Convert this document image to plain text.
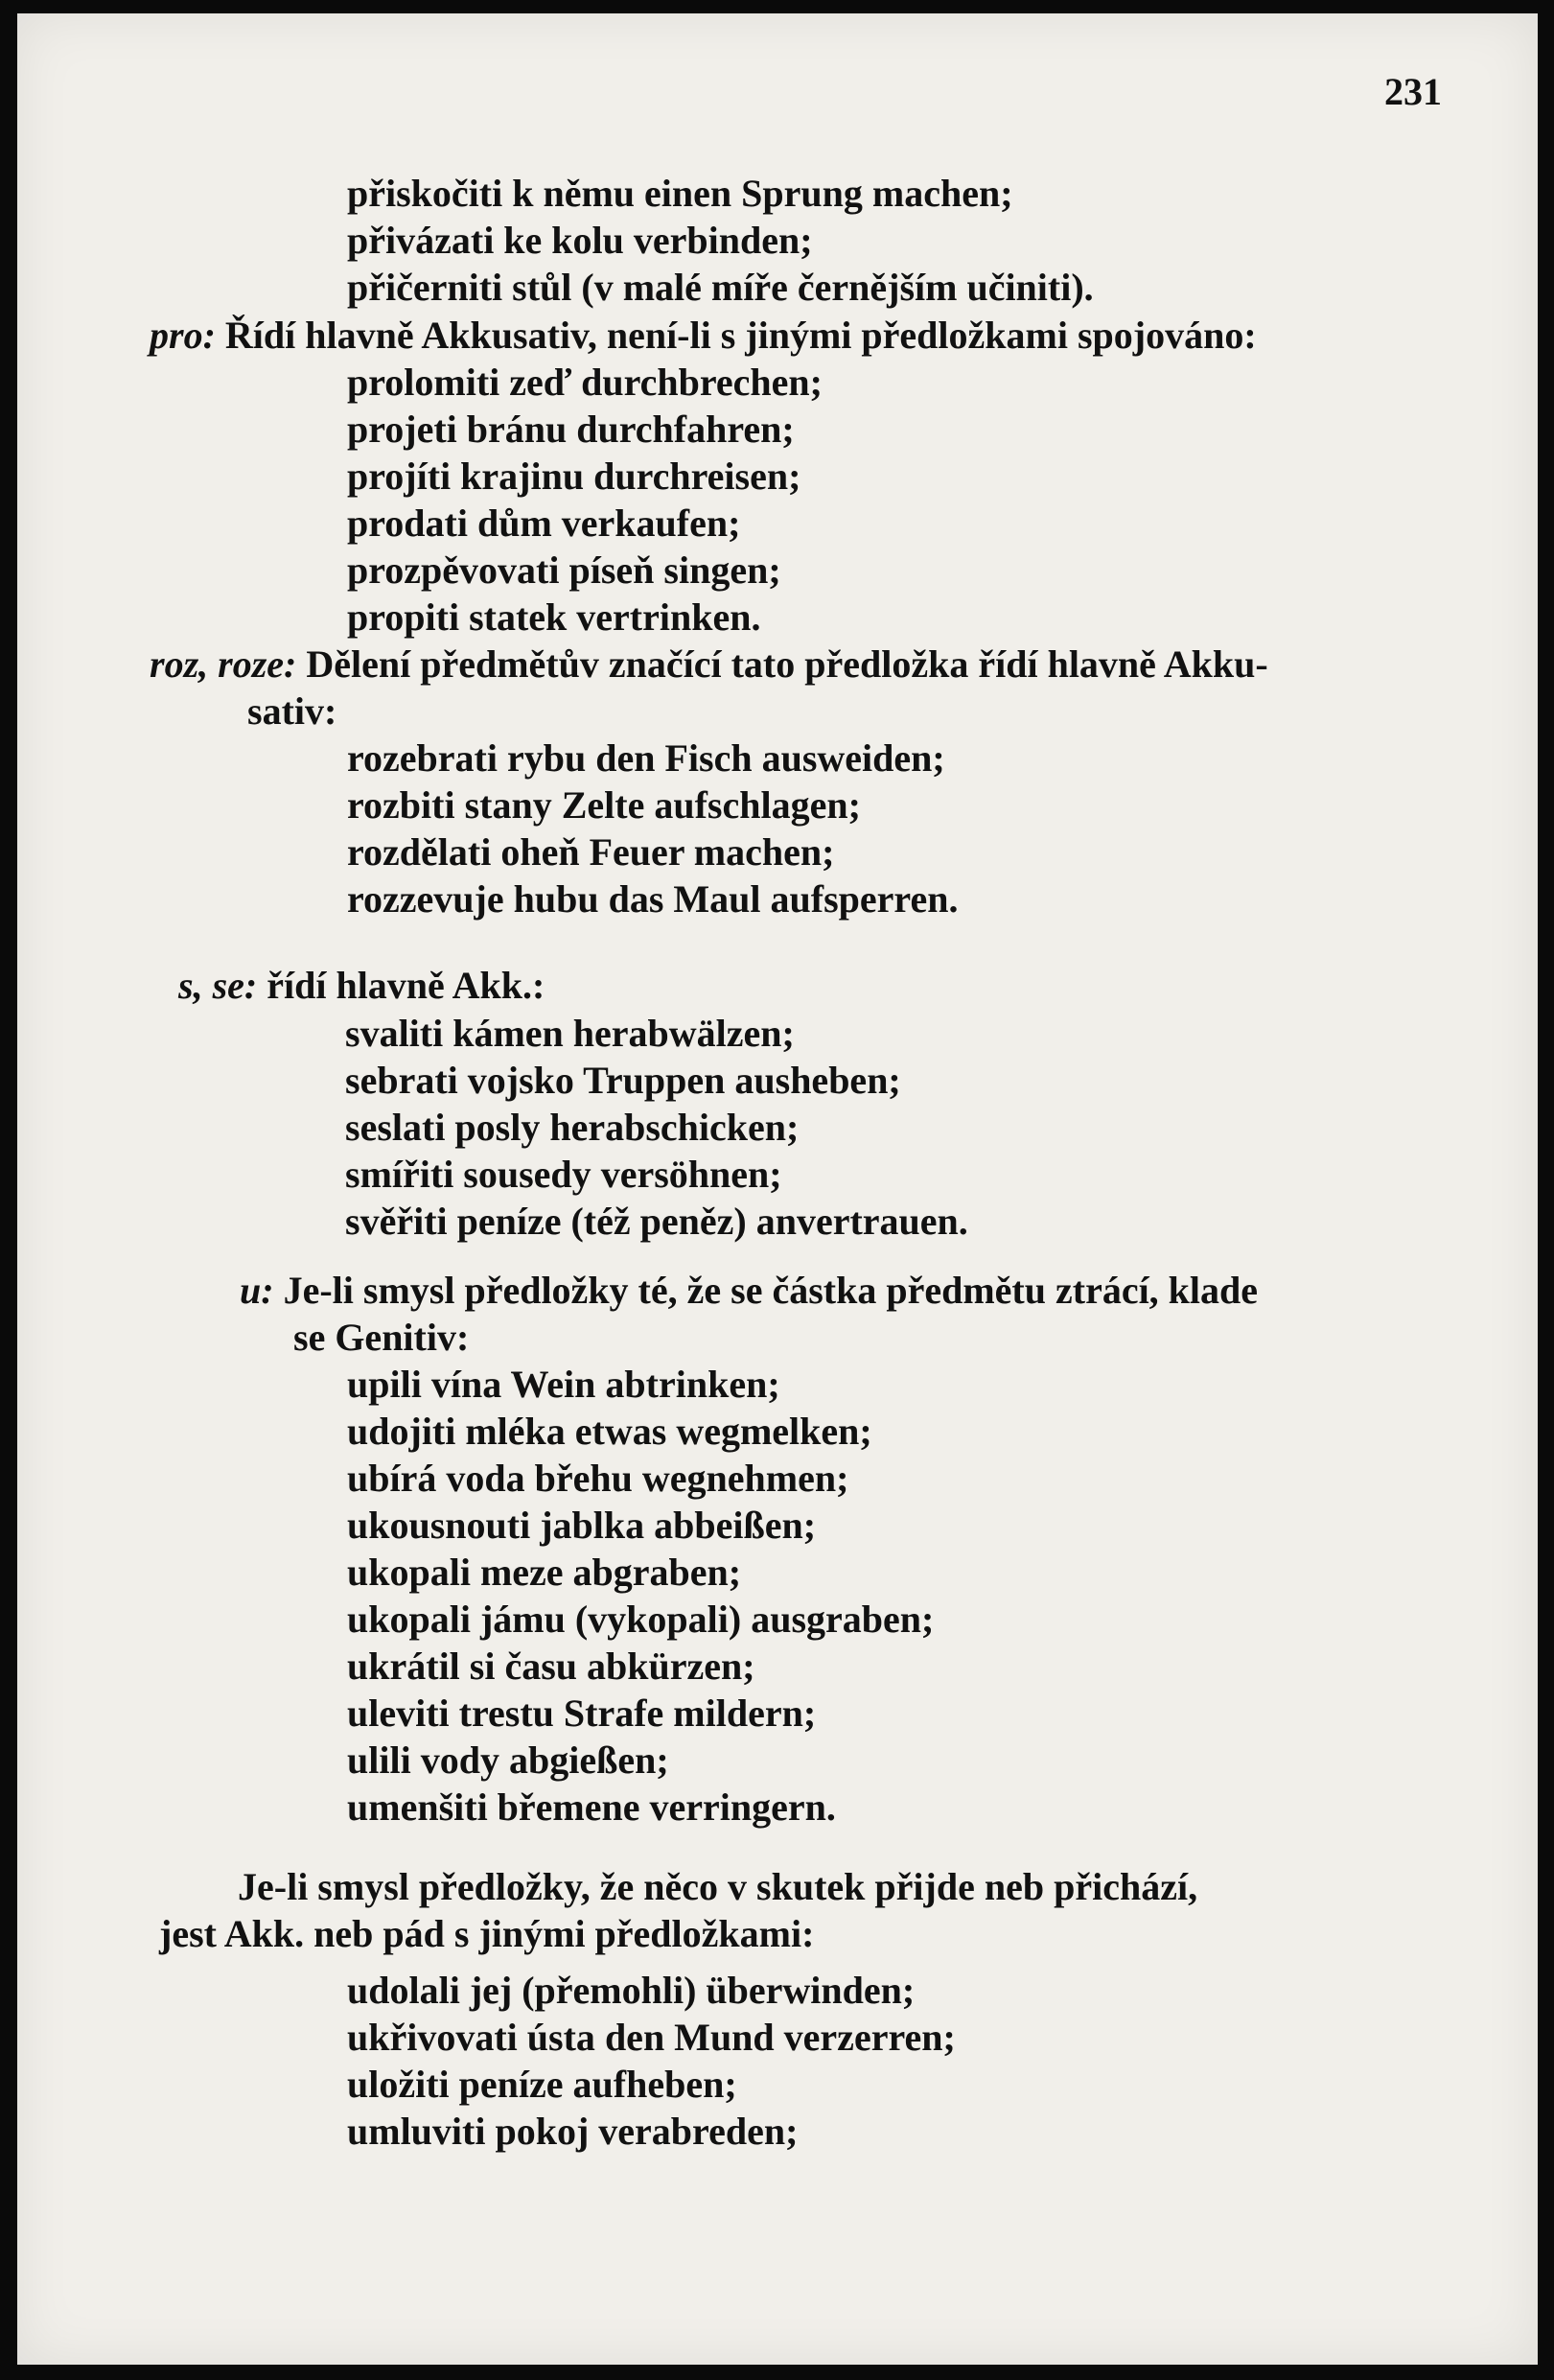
231

přiskočiti k němu einen Sprung machen;

přivázati ke kolu verbinden;

přičerniti stůl (v malé míře černějším učiniti).

pro: Řídí hlavně Akkusativ, není-li s jinými předložkami spojováno:

prolomiti zeď durchbrechen;

projeti bránu durchfahren;

projíti krajinu durchreisen;

prodati dům verkaufen;

prozpěvovati píseň singen;

propiti statek vertrinken.

roz, roze: Dělení předmětův značící tato předložka řídí hlavně Akku-

sativ:

rozebrati rybu den Fisch ausweiden;

rozbiti stany Zelte aufschlagen;

rozdělati oheň Feuer machen;

rozzevuje hubu das Maul aufsperren.

s, se: řídí hlavně Akk.:

svaliti kámen herabwälzen;

sebrati vojsko Truppen ausheben;

seslati posly herabschicken;

smířiti sousedy versöhnen;

svěřiti peníze (též peněz) anvertrauen.

u: Je-li smysl předložky té, že se částka předmětu ztrácí, klade

se Genitiv:

upili vína Wein abtrinken;

udojiti mléka etwas wegmelken;

ubírá voda břehu wegnehmen;

ukousnouti jablka abbeißen;

ukopali meze abgraben;

ukopali jámu (vykopali) ausgraben;

ukrátil si času abkürzen;

uleviti trestu Strafe mildern;

ulili vody abgießen;

umenšiti břemene verringern.

Je-li smysl předložky, že něco v skutek přijde neb přichází,

jest Akk. neb pád s jinými předložkami:

udolali jej (přemohli) überwinden;

ukřivovati ústa den Mund verzerren;

uložiti peníze aufheben;

umluviti pokoj verabreden;
